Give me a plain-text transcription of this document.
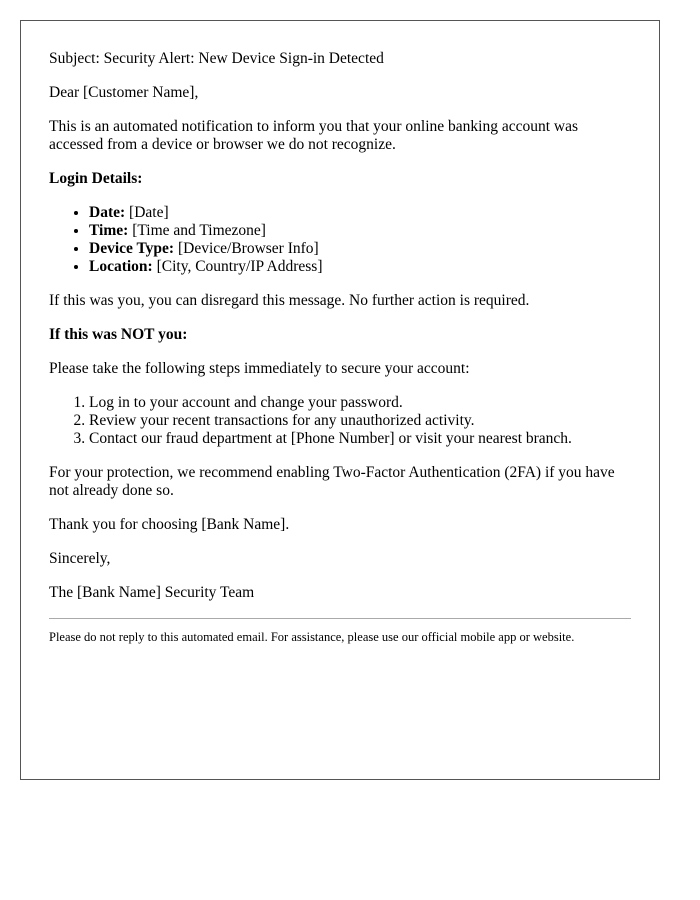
Subject: Security Alert: New Device Sign-in Detected

Dear [Customer Name],

This is an automated notification to inform you that your online banking account was accessed from a device or browser we do not recognize.

Login Details:

• Date: [Date]
• Time: [Time and Timezone]
• Device Type: [Device/Browser Info]
• Location: [City, Country/IP Address]

If this was you, you can disregard this message. No further action is required.

If this was NOT you:

Please take the following steps immediately to secure your account:

1. Log in to your account and change your password.
2. Review your recent transactions for any unauthorized activity.
3. Contact our fraud department at [Phone Number] or visit your nearest branch.

For your protection, we recommend enabling Two-Factor Authentication (2FA) if you have not already done so.

Thank you for choosing [Bank Name].

Sincerely,

The [Bank Name] Security Team

Please do not reply to this automated email. For assistance, please use our official mobile app or website.
